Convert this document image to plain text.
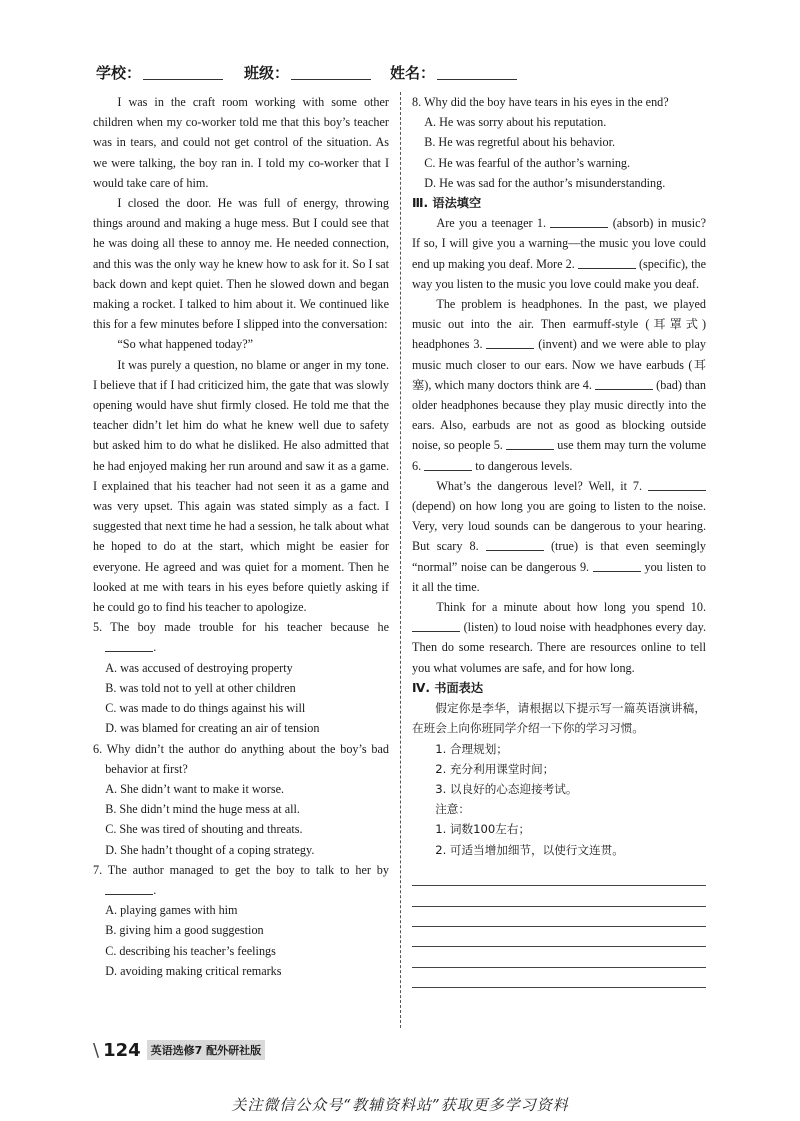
学校：	班级：	姓名：

I was in the craft room working with some other children when my co-worker told me that this boy’s teacher was in tears, and could not get control of the situation. As we were talking, the boy ran in. I told my co-worker that I would take care of him.

I closed the door. He was full of energy, throwing things around and making a huge mess. But I could see that he was doing all these to annoy me. He needed connection, and this was the only way he knew how to ask for it. So I sat back down and kept quiet. Then he slowed down and began making a rocket. I talked to him about it. We continued like this for a few minutes before I slipped into the conversation:

“So what happened today?”

It was purely a question, no blame or anger in my tone. I believe that if I had criticized him, the gate that was slowly opening would have shut firmly closed. He told me that the teacher didn’t let him do what he knew well due to safety but asked him to do what he disliked. He also admitted that he had enjoyed making her run around and saw it as a game. I explained that his teacher had not seen it as a game and was very upset. This again was stated simply as a fact. I suggested that next time he had a session, he talk about what he hoped to do at the start, which might be easier for everyone. He agreed and was quiet for a moment. Then he looked at me with tears in his eyes before quietly asking if he could go to find his teacher to apologize.

5. The boy made trouble for his teacher because he .

A. was accused of destroying property

B. was told not to yell at other children

C. was made to do things against his will

D. was blamed for creating an air of tension

6. Why didn’t the author do anything about the boy’s bad behavior at first?

A. She didn’t want to make it worse.

B. She didn’t mind the huge mess at all.

C. She was tired of shouting and threats.

D. She hadn’t thought of a coping strategy.

7. The author managed to get the boy to talk to her by .

A. playing games with him

B. giving him a good suggestion

C. describing his teacher’s feelings

D. avoiding making critical remarks

8. Why did the boy have tears in his eyes in the end?

A. He was sorry about his reputation.

B. He was regretful about his behavior.

C. He was fearful of the author’s warning.

D. He was sad for the author’s misunderstanding.

Ⅲ. 语法填空

Are you a teenager 1.	(absorb) in music? If so, I will give you a warning—the music you love could end up making you deaf. More 2.	(specific), the way you listen to the music you love could make you deaf.

The problem is headphones. In the past, we played music out into the air. Then earmuff-style (耳罩式) headphones 3.	(invent) and we were able to play music much closer to our ears. Now we have earbuds (耳塞), which many doctors think are 4.	(bad) than older headphones because they play music directly into the ears. Also, earbuds are not as good as blocking outside noise, so people 5.	use them may turn the volume 6.	to dangerous levels.

What’s the dangerous level? Well, it 7.  (depend) on how long you are going to listen to the noise. Very, very loud sounds can be dangerous to your hearing. But scary 8.	(true) is that even seemingly “normal” noise can be dangerous 9.	you listen to it all the time.

Think for a minute about how long you spend 10.  (listen) to loud noise with headphones every day. Then do some research. There are resources online to tell you what volumes are safe, and for how long.

Ⅳ. 书面表达

假定你是李华，请根据以下提示写一篇英语演讲稿，在班会上向你班同学介绍一下你的学习习惯。

1. 合理规划；

2. 充分利用课堂时间；

3. 以良好的心态迎接考试。

注意：

1. 词数100左右；

2. 可适当增加细节，以使行文连贯。

\ 124 英语选修7 配外研社版
关注微信公众号“教辅资料站”获取更多学习资料
